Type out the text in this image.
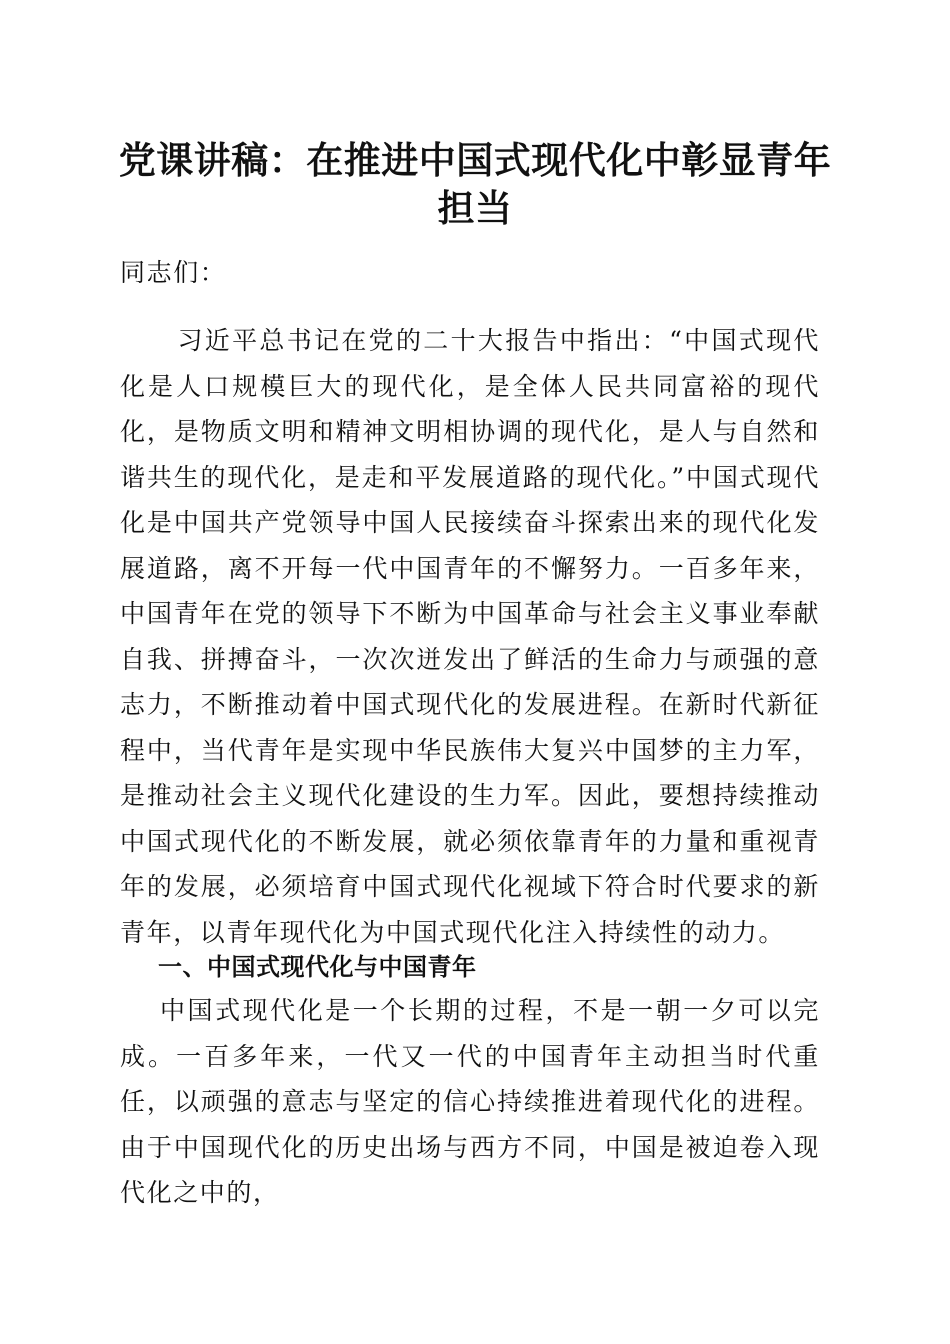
党课讲稿：在推进中国式现代化中彰显青年担当

同志们：

习近平总书记在党的二十大报告中指出：“中国式现代化是人口规模巨大的现代化，是全体人民共同富裕的现代化，是物质文明和精神文明相协调的现代化，是人与自然和谐共生的现代化，是走和平发展道路的现代化。”中国式现代化是中国共产党领导中国人民接续奋斗探索出来的现代化发展道路，离不开每一代中国青年的不懈努力。一百多年来，中国青年在党的领导下不断为中国革命与社会主义事业奉献自我、拼搏奋斗，一次次迸发出了鲜活的生命力与顽强的意志力，不断推动着中国式现代化的发展进程。在新时代新征程中，当代青年是实现中华民族伟大复兴中国梦的主力军，是推动社会主义现代化建设的生力军。因此，要想持续推动中国式现代化的不断发展，就必须依靠青年的力量和重视青年的发展，必须培育中国式现代化视域下符合时代要求的新青年，以青年现代化为中国式现代化注入持续性的动力。

一、中国式现代化与中国青年

中国式现代化是一个长期的过程，不是一朝一夕可以完成。一百多年来，一代又一代的中国青年主动担当时代重任，以顽强的意志与坚定的信心持续推进着现代化的进程。由于中国现代化的历史出场与西方不同，中国是被迫卷入现代化之中的，
